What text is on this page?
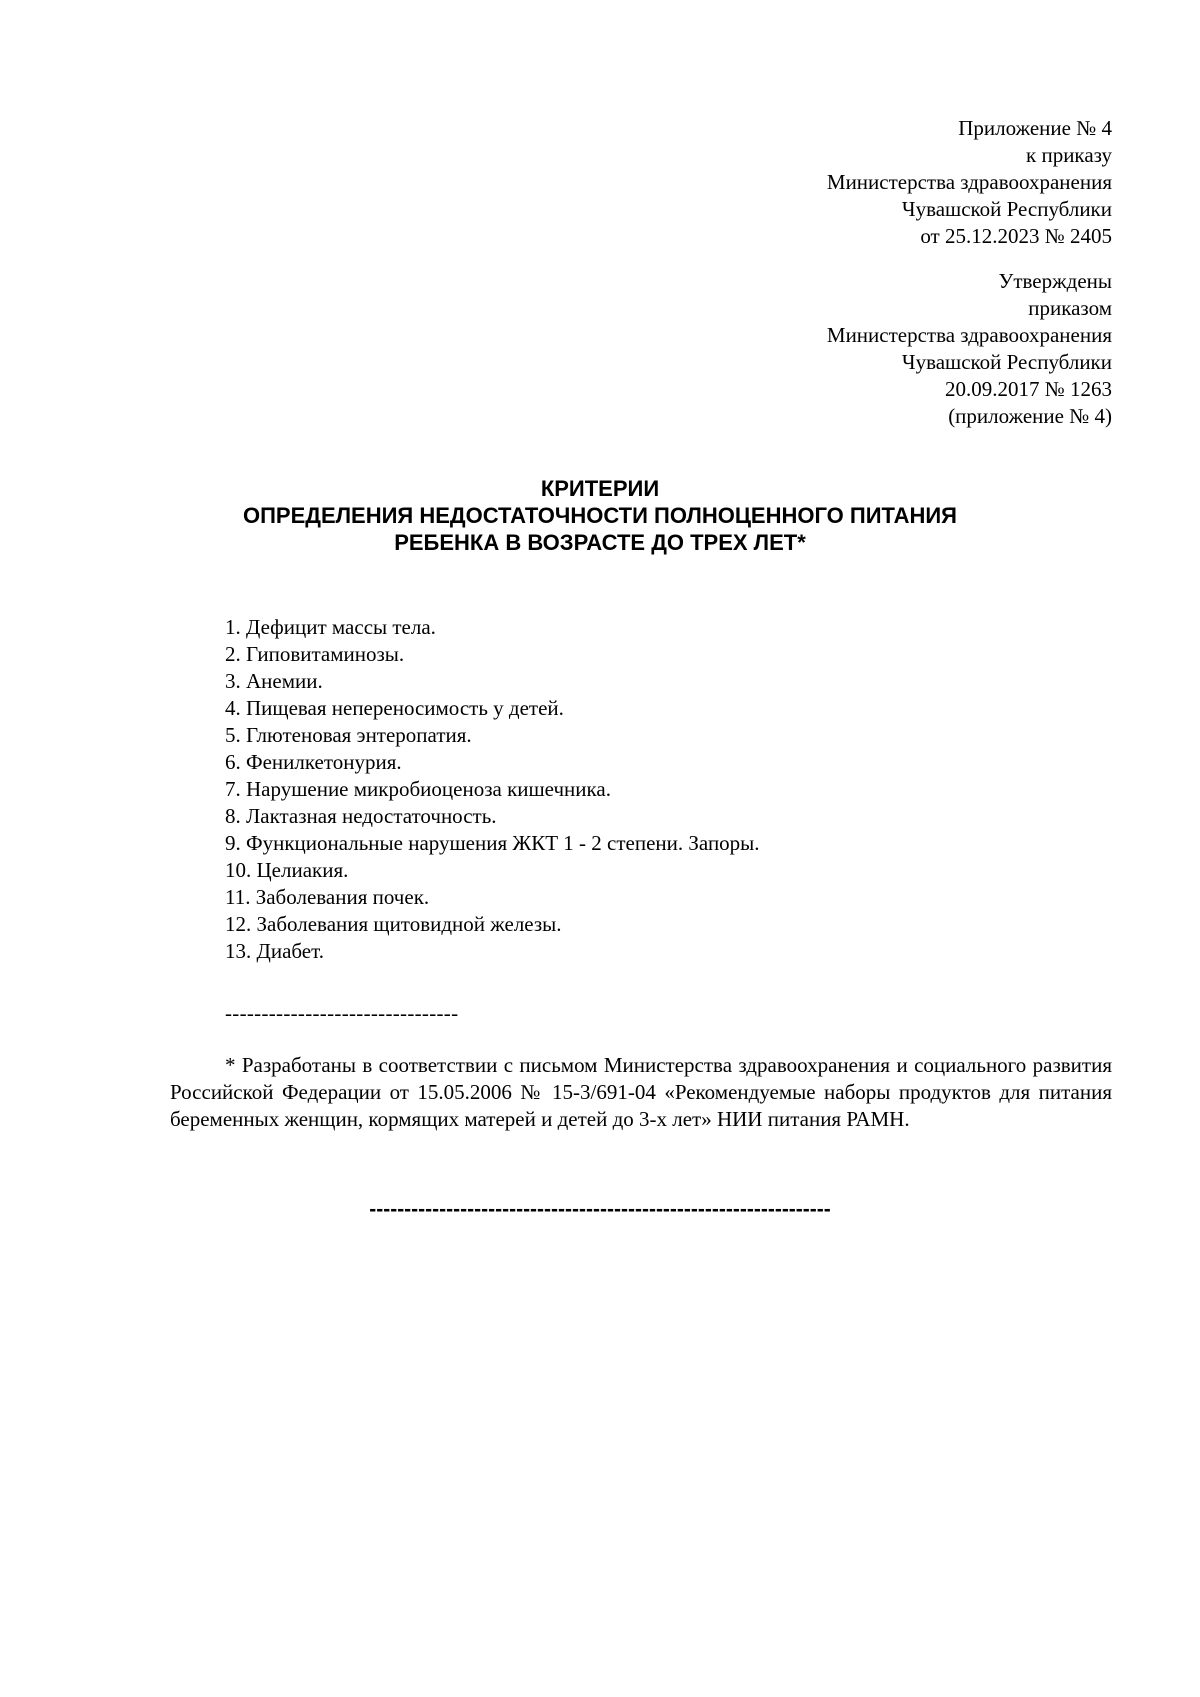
Приложение № 4
к приказу
Министерства здравоохранения
Чувашской Республики
от 25.12.2023 № 2405
Утверждены
приказом
Министерства здравоохранения
Чувашской Республики
20.09.2017 № 1263
(приложение № 4)
КРИТЕРИИ
ОПРЕДЕЛЕНИЯ НЕДОСТАТОЧНОСТИ ПОЛНОЦЕННОГО ПИТАНИЯ
РЕБЕНКА В ВОЗРАСТЕ ДО ТРЕХ ЛЕТ*
1. Дефицит массы тела.
2. Гиповитаминозы.
3. Анемии.
4. Пищевая непереносимость у детей.
5. Глютеновая энтеропатия.
6. Фенилкетонурия.
7. Нарушение микробиоценоза кишечника.
8. Лактазная недостаточность.
9. Функциональные нарушения ЖКТ 1 - 2 степени. Запоры.
10. Целиакия.
11. Заболевания почек.
12. Заболевания щитовидной железы.
13. Диабет.
--------------------------------

* Разработаны в соответствии с письмом Министерства здравоохранения и социального развития Российской Федерации от 15.05.2006 № 15-3/691-04 «Рекомендуемые наборы продуктов для питания беременных женщин, кормящих матерей и детей до 3-х лет» НИИ питания РАМН.

------------------------------------------------------------------
